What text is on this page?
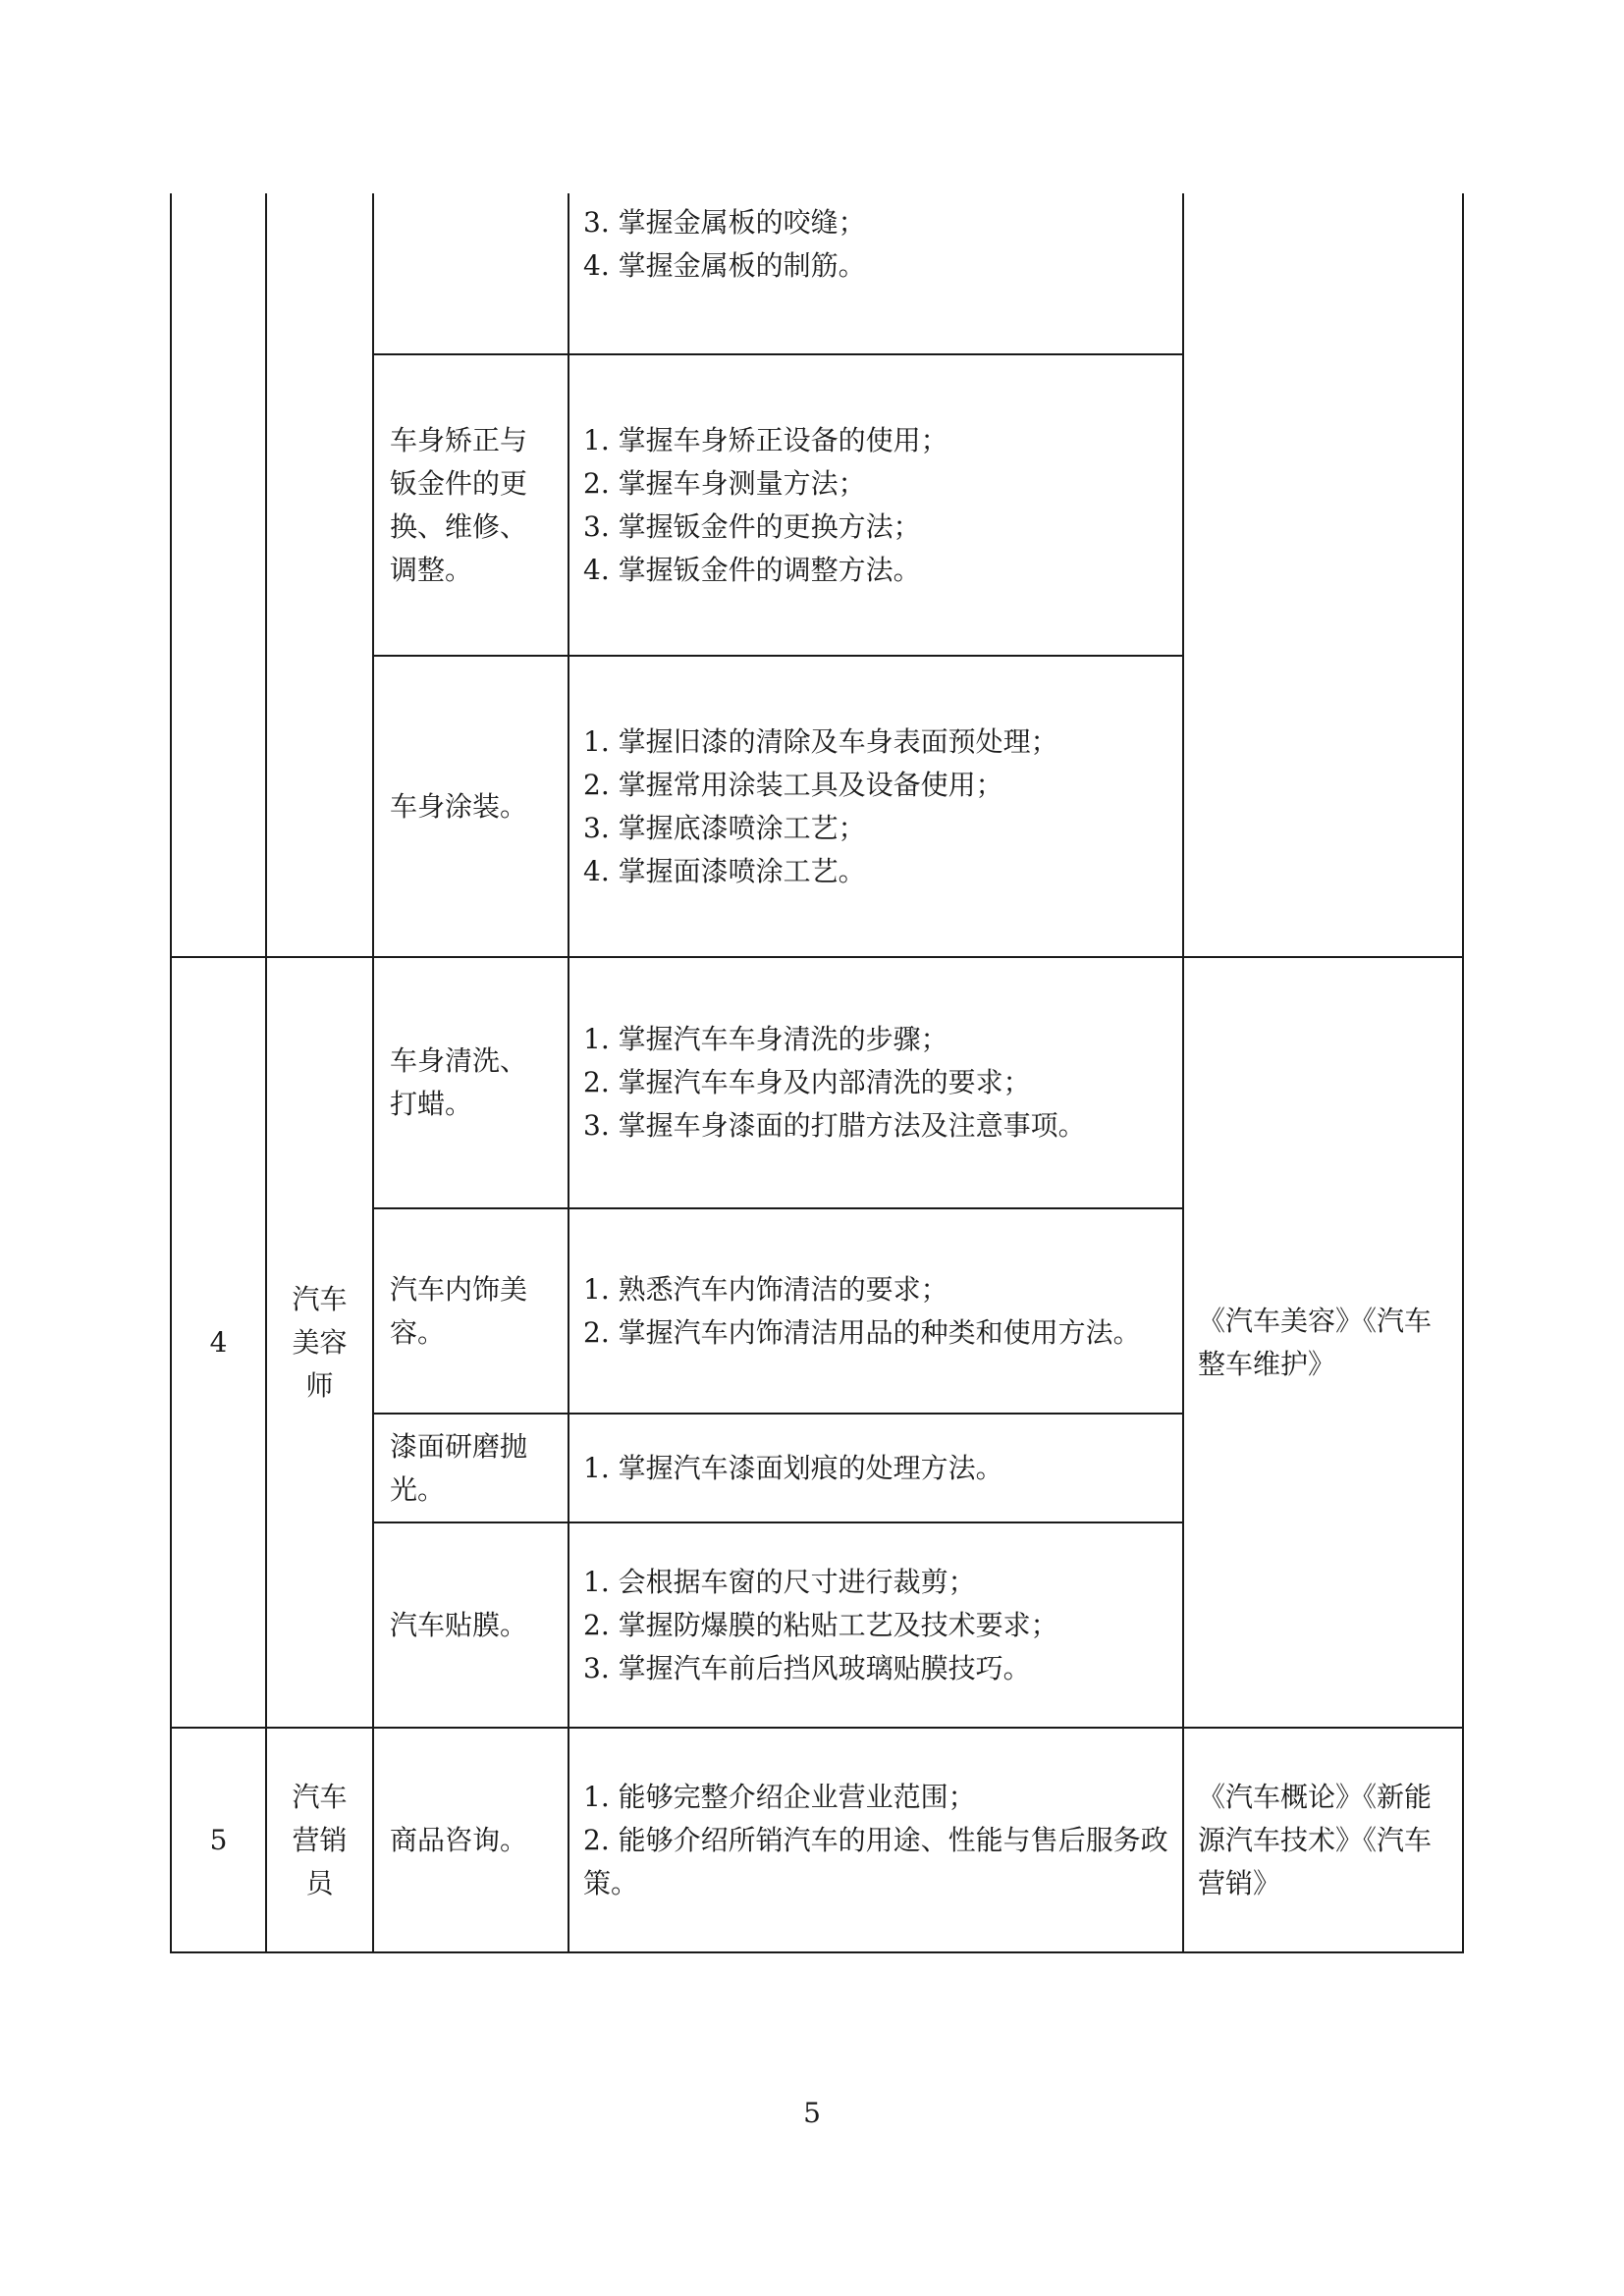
			3. 掌握金属板的咬缝；
4. 掌握金属板的制筋。	

		车身矫正与钣金件的更换、维修、调整。	1. 掌握车身矫正设备的使用；
2. 掌握车身测量方法；
3. 掌握钣金件的更换方法；
4. 掌握钣金件的调整方法。	

		车身涂装。	1. 掌握旧漆的清除及车身表面预处理；
2. 掌握常用涂装工具及设备使用；
3. 掌握底漆喷涂工艺；
4. 掌握面漆喷涂工艺。	

4	汽车美容师	车身清洗、打蜡。	1. 掌握汽车车身清洗的步骤；
2. 掌握汽车车身及内部清洗的要求；
3. 掌握车身漆面的打腊方法及注意事项。	《汽车美容》《汽车整车维护》
		汽车内饰美容。	1. 熟悉汽车内饰清洁的要求；
2. 掌握汽车内饰清洁用品的种类和使用方法。	

		漆面研磨抛光。	1. 掌握汽车漆面划痕的处理方法。	

		汽车贴膜。	1. 会根据车窗的尺寸进行裁剪；
2. 掌握防爆膜的粘贴工艺及技术要求；
3. 掌握汽车前后挡风玻璃贴膜技巧。	

5	汽车营销员	商品咨询。	1. 能够完整介绍企业营业范围；
2. 能够介绍所销汽车的用途、性能与售后服务政策。	《汽车概论》《新能源汽车技术》《汽车营销》
5
